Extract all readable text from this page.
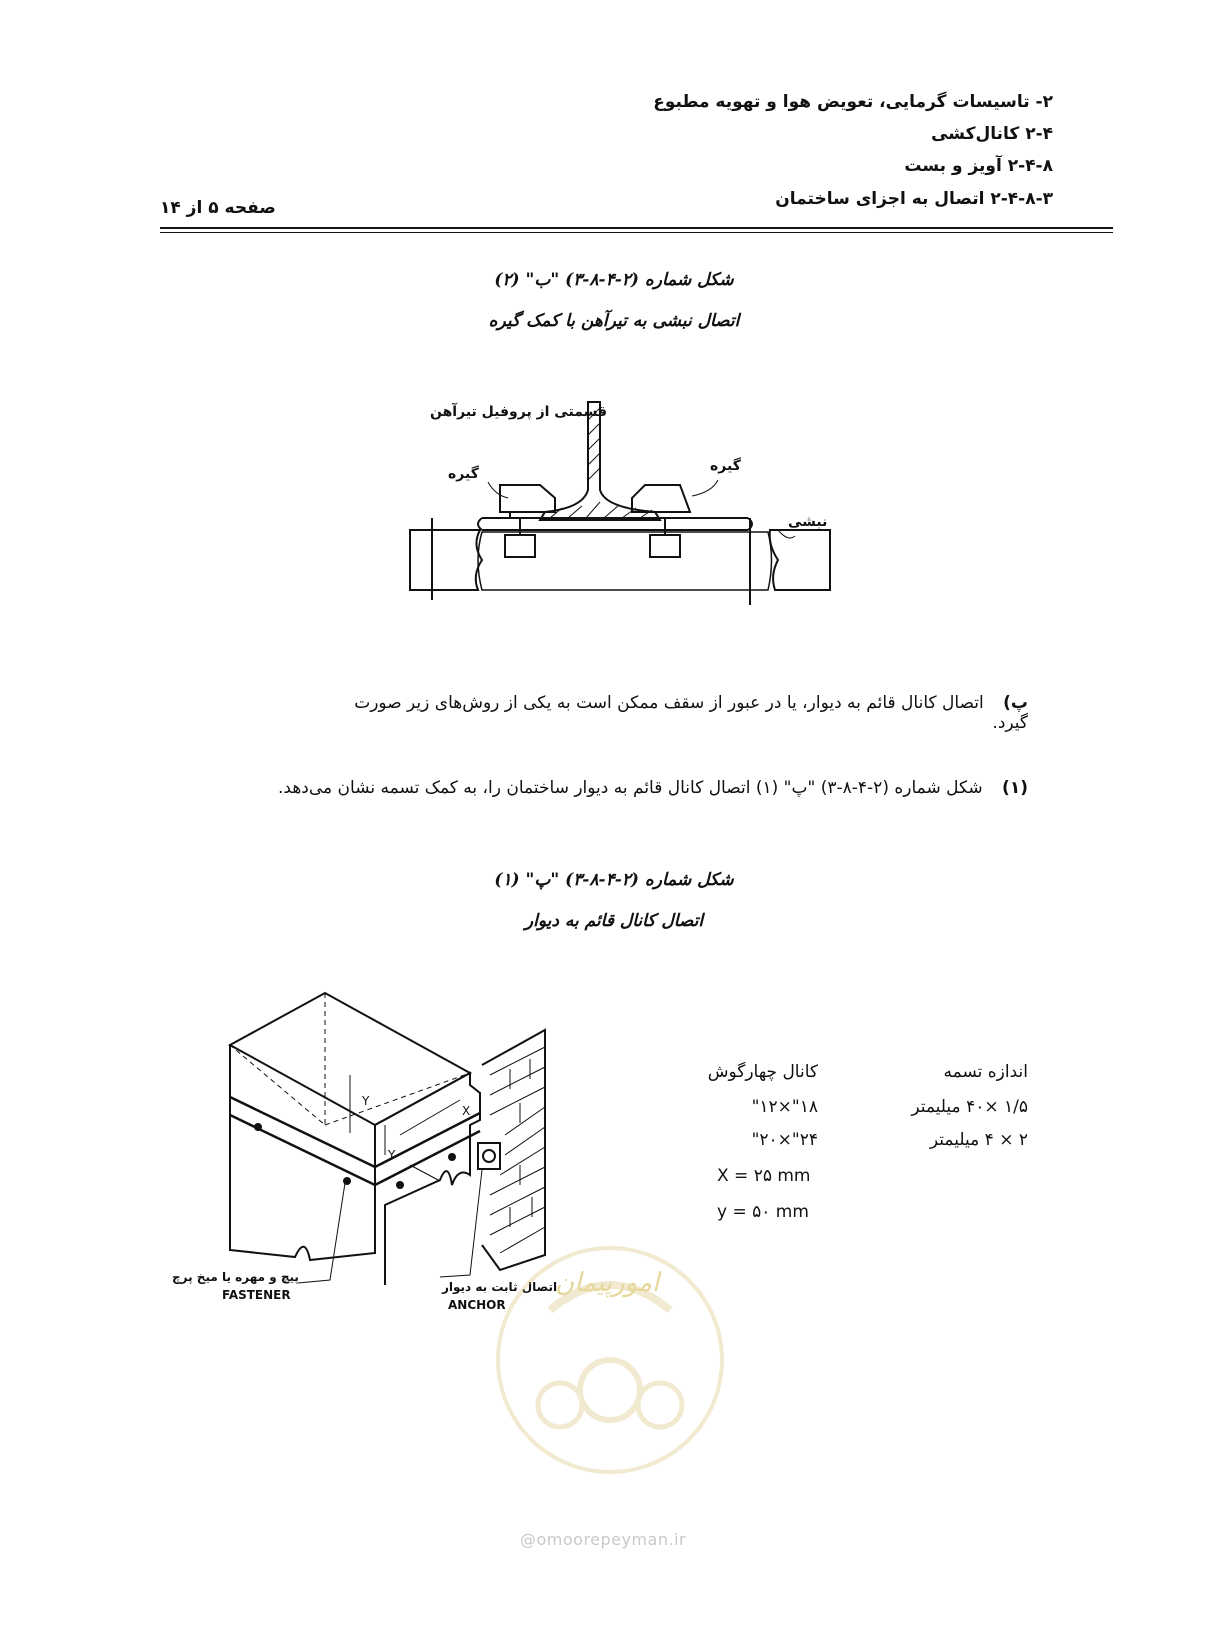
۲- تاسیسات گرمایی، تعویض هوا و تهویه مطبوع
۲-۴ کانال‌کشی
۲-۴-۸ آویز و بست
۲-۴-۸-۳ اتصال به اجزای ساختمان
صفحه ۵ از ۱۴
شکل شماره (۲-۴-۸-۳) "ب" (۲)
اتصال نبشی به تیرآهن با کمک گیره
قسمتی از پروفیل تیرآهن
گیره	گیره
نبشی
پ) اتصال کانال قائم به دیوار، یا در عبور از سقف ممکن است به یکی از روش‌های زیر صورت گیرد.
(۱) شکل شماره (۲-۴-۸-۳) "پ" (۱) اتصال کانال قائم به دیوار ساختمان را، به کمک تسمه نشان می‌دهد.
شکل شماره (۲-۴-۸-۳) "پ" (۱)
اتصال کانال قائم به دیوار
Y
Y
X
پیچ و مهره یا میخ پرچ
FASTENER
اتصال ثابت به دیوار
ANCHOR
کانال چهارگوش	اندازه تسمه
۱۸"×۱۲"	۱/۵ ×۴۰ میلیمتر
۲۴"×۲۰"	۲ × ۴ میلیمتر
X = ۲۵ mm
y = ۵۰ mm
امورپیمان
@omoorepeyman.ir
